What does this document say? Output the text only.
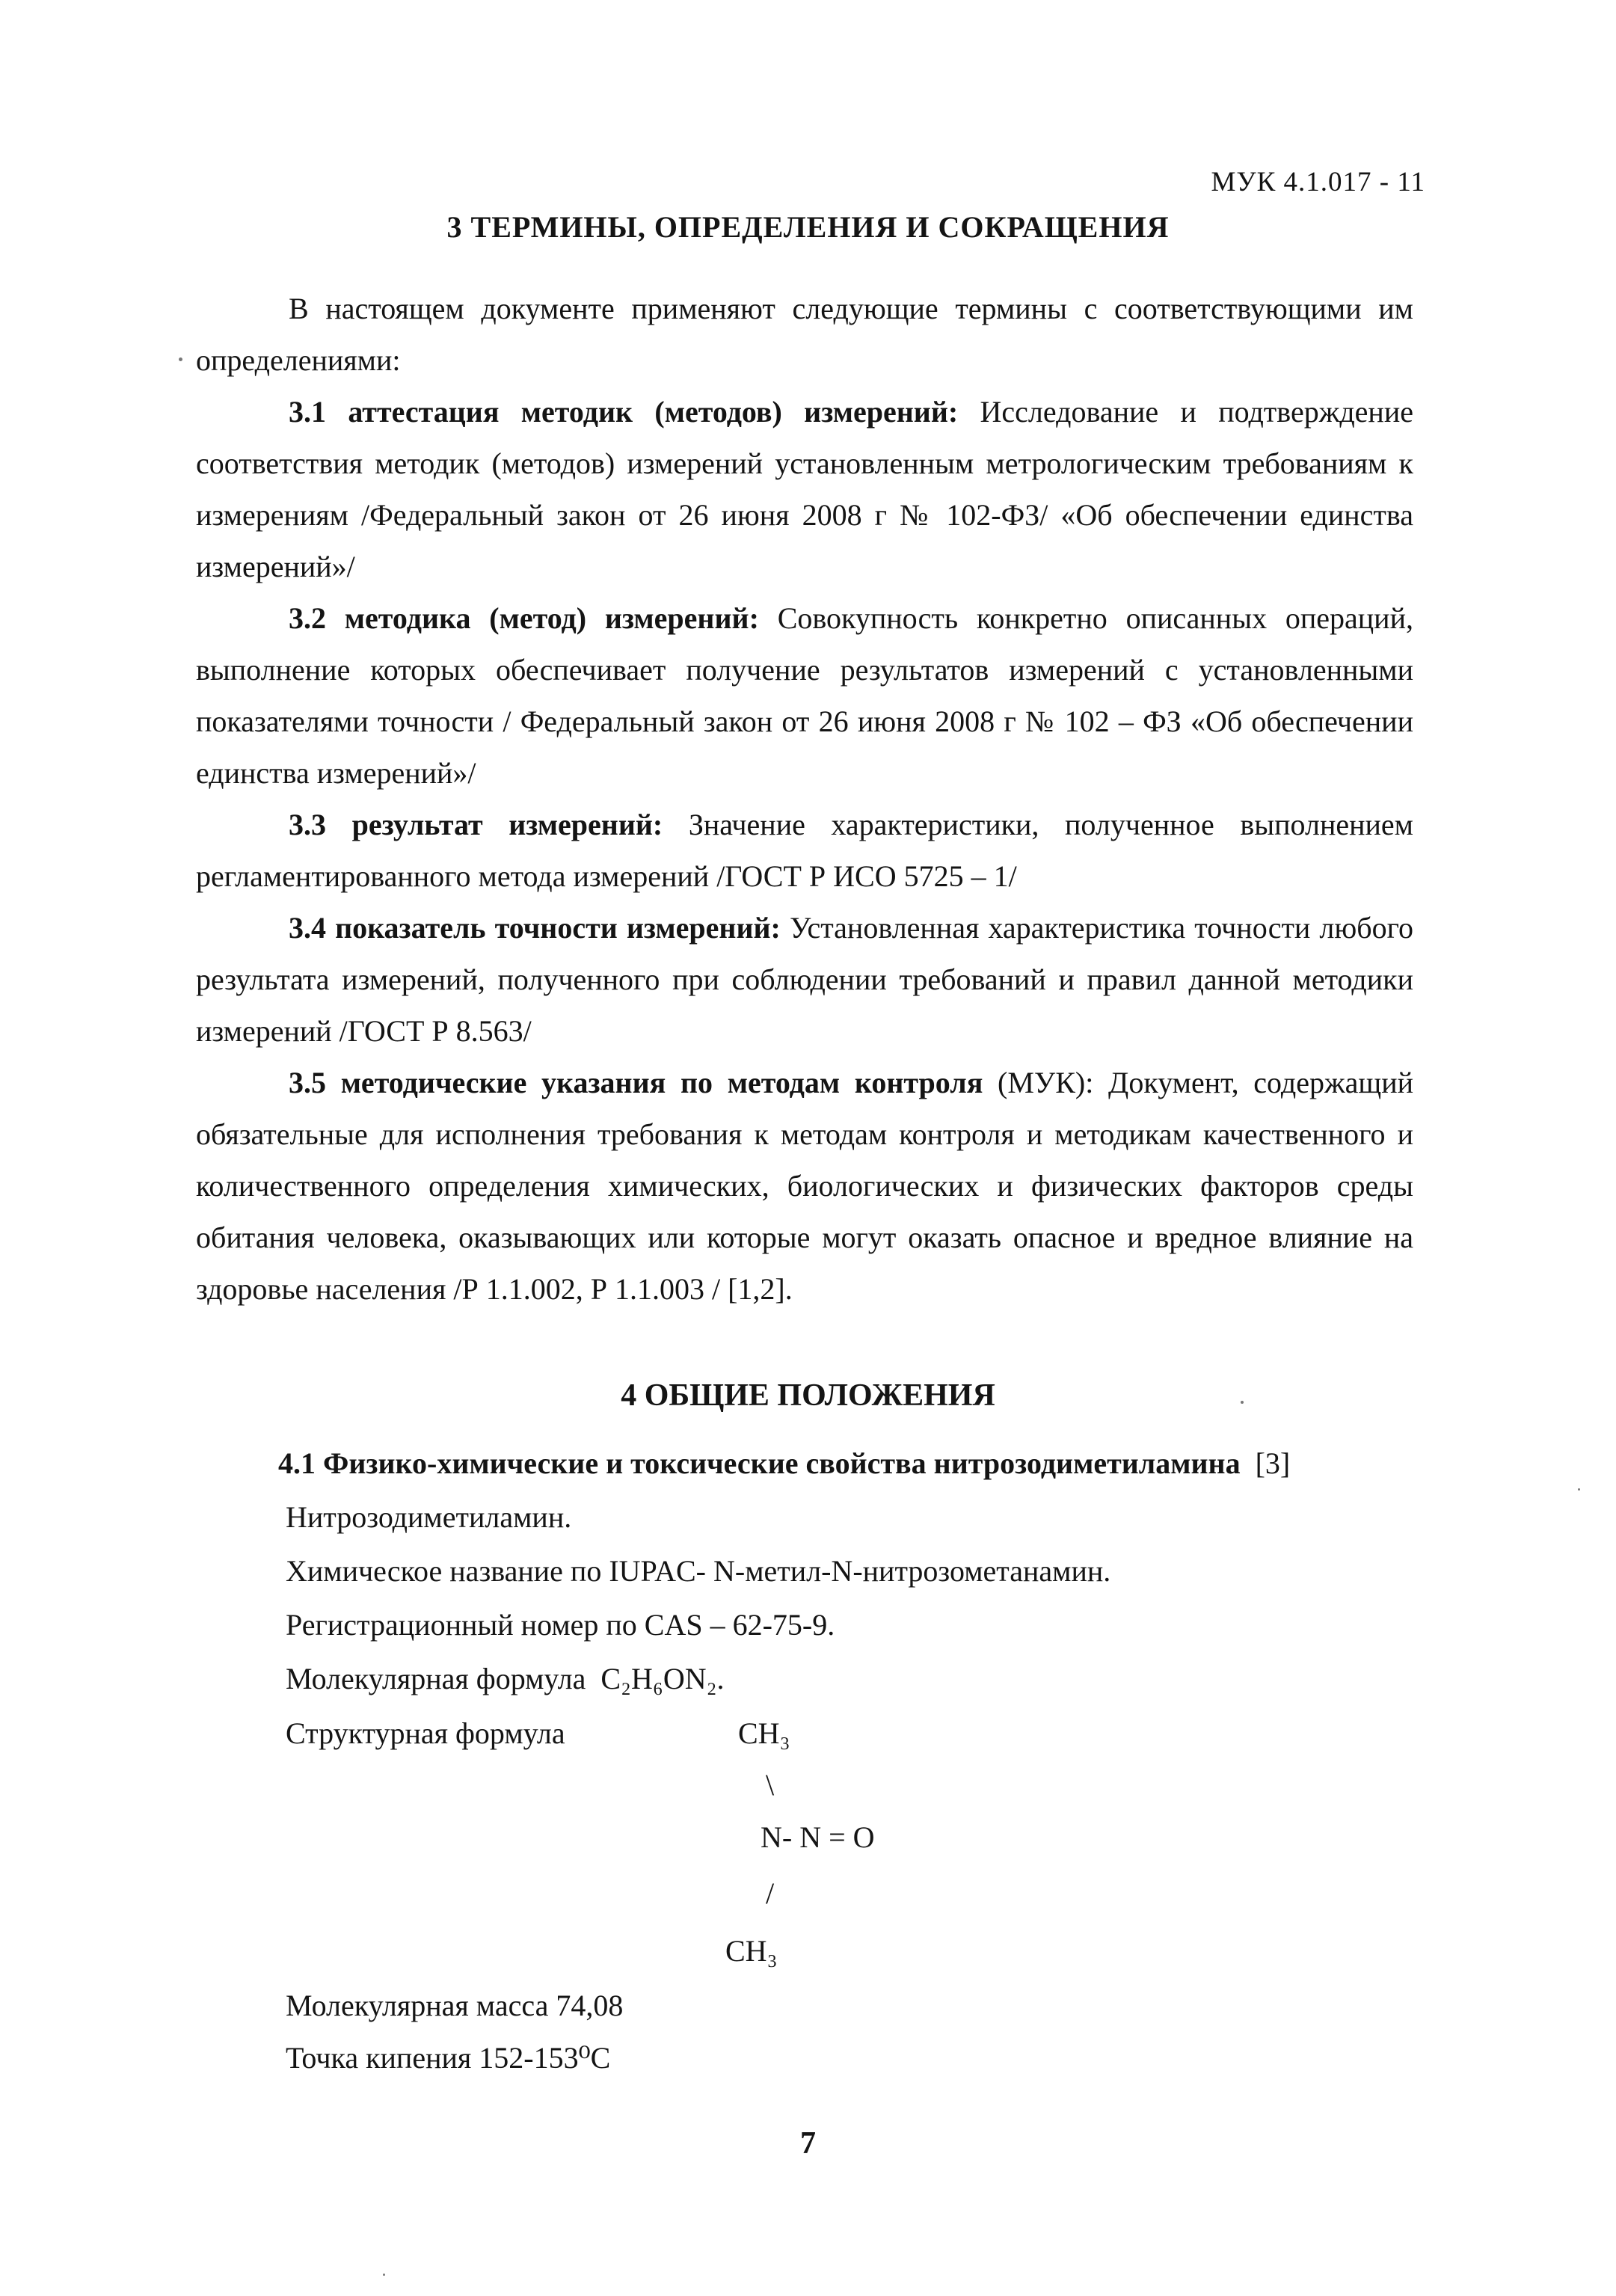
МУК 4.1.017 - 11
3 ТЕРМИНЫ, ОПРЕДЕЛЕНИЯ И СОКРАЩЕНИЯ

В настоящем документе применяют следующие термины с соответствующими им определениями:

3.1 аттестация методик (методов) измерений: Исследование и подтверждение соответствия методик (методов) измерений установленным метрологическим требованиям к измерениям /Федеральный закон от 26 июня 2008 г № 102-ФЗ/ «Об обеспечении единства измерений»/

3.2 методика (метод) измерений: Совокупность конкретно описанных операций, выполнение которых обеспечивает получение результатов измерений с установленными показателями точности / Федеральный закон от 26 июня 2008 г № 102 – ФЗ «Об обеспечении единства измерений»/

3.3 результат измерений: Значение характеристики, полученное выполнением регламентированного метода измерений /ГОСТ Р ИСО 5725 – 1/

3.4 показатель точности измерений: Установленная характеристика точности любого результата измерений, полученного при соблюдении требований и правил данной методики измерений /ГОСТ Р 8.563/

3.5 методические указания по методам контроля (МУК): Документ, содержащий обязательные для исполнения требования к методам контроля и методикам качественного и количественного определения химических, биологических и физических факторов среды обитания человека, оказывающих или которые могут оказать опасное и вредное влияние на здоровье населения /Р 1.1.002, Р 1.1.003 / [1,2].

4 ОБЩИЕ ПОЛОЖЕНИЯ
4.1 Физико-химические и токсические свойства нитрозодиметиламина [3]
Нитрозодиметиламин.
Химическое название по IUPAC- N-метил-N-нитрозометанамин.
Регистрационный номер по CAS – 62-75-9.
Молекулярная формула C₂H₆ON₂.
Структурная формула	CH₃
\
N- N = O
/
CH₃
Молекулярная масса 74,08
Точка кипения 152-153⁰С
7
